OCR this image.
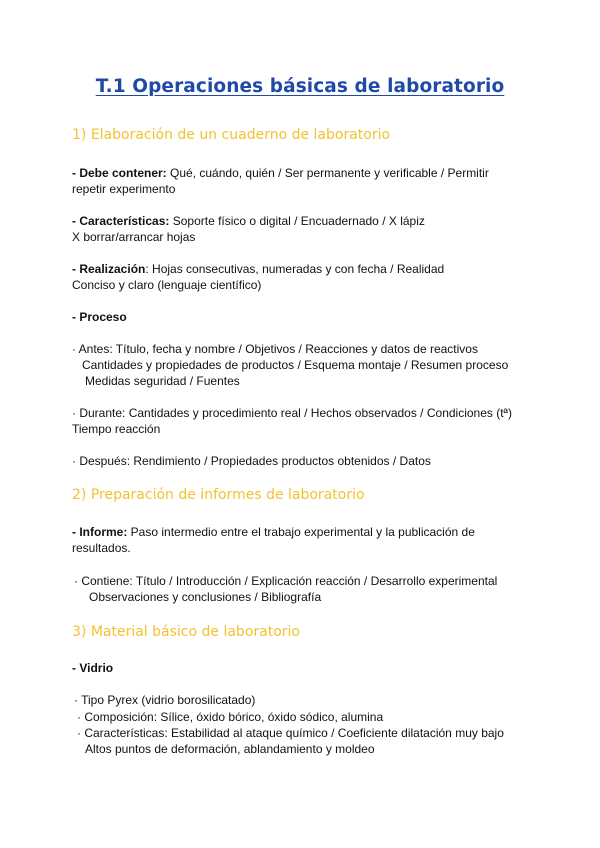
T.1 Operaciones básicas de laboratorio
1) Elaboración de un cuaderno de laboratorio
- Debe contener: Qué, cuándo, quién / Ser permanente y verificable / Permitir
repetir experimento
- Características: Soporte físico o digital / Encuadernado / X lápiz
X borrar/arrancar hojas
- Realización: Hojas consecutivas, numeradas y con fecha / Realidad
Conciso y claro (lenguaje científico)
- Proceso
· Antes: Título, fecha y nombre / Objetivos / Reacciones y datos de reactivos
Cantidades y propiedades de productos / Esquema montaje / Resumen proceso
Medidas seguridad / Fuentes
· Durante: Cantidades y procedimiento real / Hechos observados / Condiciones (tª)
Tiempo reacción
· Después: Rendimiento / Propiedades productos obtenidos / Datos
2) Preparación de informes de laboratorio
- Informe: Paso intermedio entre el trabajo experimental y la publicación de
resultados.
· Contiene: Título / Introducción / Explicación reacción / Desarrollo experimental
Observaciones y conclusiones / Bibliografía
3) Material básico de laboratorio
- Vidrio
· Tipo Pyrex (vidrio borosilicatado)
· Composición: Sílice, óxido bórico, óxido sódico, alumina
· Características: Estabilidad al ataque químico / Coeficiente dilatación muy bajo
Altos puntos de deformación, ablandamiento y moldeo
